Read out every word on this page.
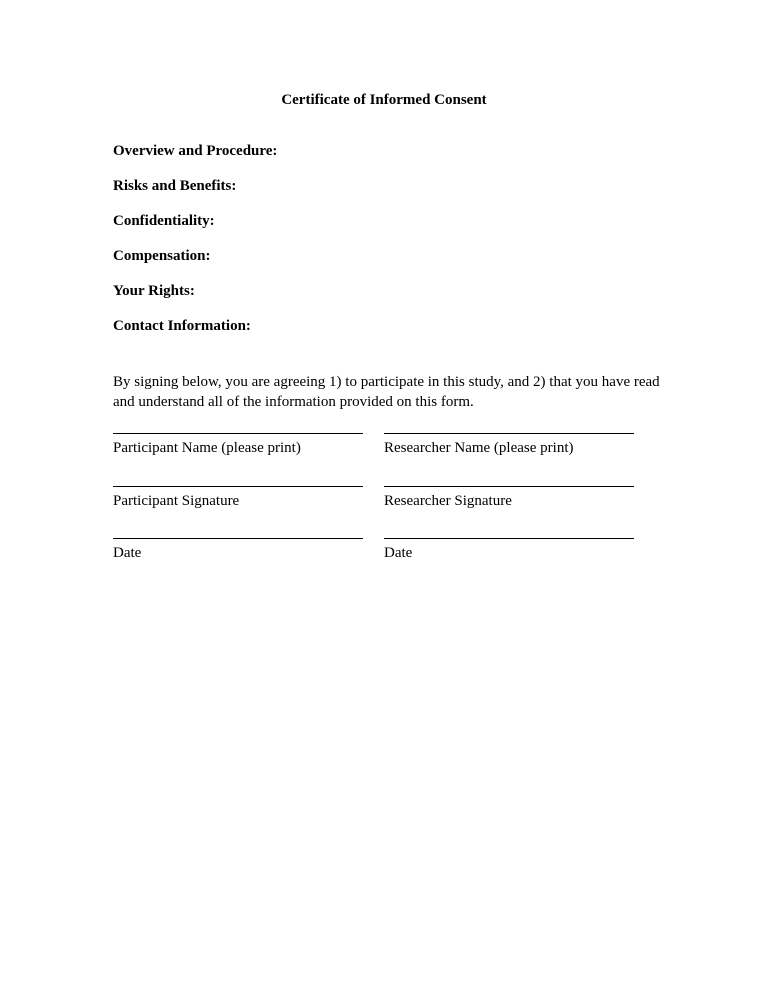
Certificate of Informed Consent
Overview and Procedure:
Risks and Benefits:
Confidentiality:
Compensation:
Your Rights:
Contact Information:
By signing below, you are agreeing 1) to participate in this study, and 2) that you have read and understand all of the information provided on this form.
Participant Name (please print)	Researcher Name (please print)
Participant Signature	Researcher Signature
Date	Date
